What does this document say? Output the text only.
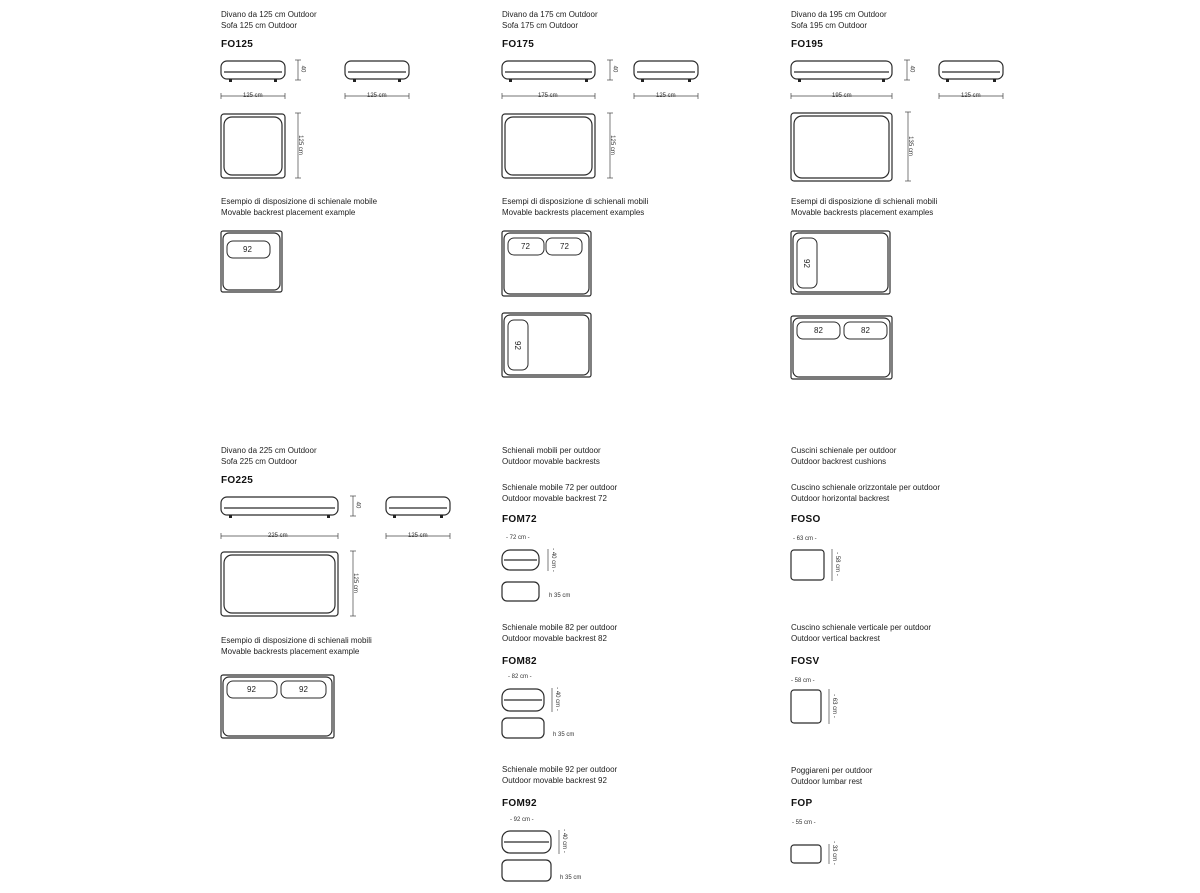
Divano da 125 cm Outdoor
Sofa 125 cm Outdoor
FO125
125 cm
40
125 cm
125 cm
Esempio di disposizione di schienale mobile
Movable backrest placement example
92
Divano da 175 cm Outdoor
Sofa 175 cm Outdoor
FO175
175 cm
40
125 cm
125 cm
Esempi di disposizione di schienali mobili
Movable backrests placement examples
72	72
92
Divano da 195 cm Outdoor
Sofa 195 cm Outdoor
FO195
195 cm
40
125 cm
135 cm
Esempi di disposizione di schienali mobili
Movable backrests placement examples
92
82	82
Divano da 225 cm Outdoor
Sofa 225 cm Outdoor
FO225
225 cm
40
125 cm
125 cm
Esempio di disposizione di schienali mobili
Movable backrests placement example
92	92
Schienali mobili per outdoor
Outdoor movable backrests
Schienale mobile 72 per outdoor
Outdoor movable backrest 72
FOM72
- 72 cm -
- 40 cm -
h 35 cm
Schienale mobile 82 per outdoor
Outdoor movable backrest 82
FOM82
- 82 cm -
- 40 cm -
h 35 cm
Schienale mobile 92 per outdoor
Outdoor movable backrest 92
FOM92
- 92 cm -
- 40 cm -
h 35 cm
Cuscini schienale per outdoor
Outdoor backrest cushions
Cuscino schienale orizzontale per outdoor
Outdoor horizontal backrest
FOSO
- 63 cm -
- 58 cm -
Cuscino schienale verticale per outdoor
Outdoor vertical backrest
FOSV
- 58 cm -
- 63 cm -
Poggiareni per outdoor
Outdoor lumbar rest
FOP
- 55 cm -
- 33 cm -
